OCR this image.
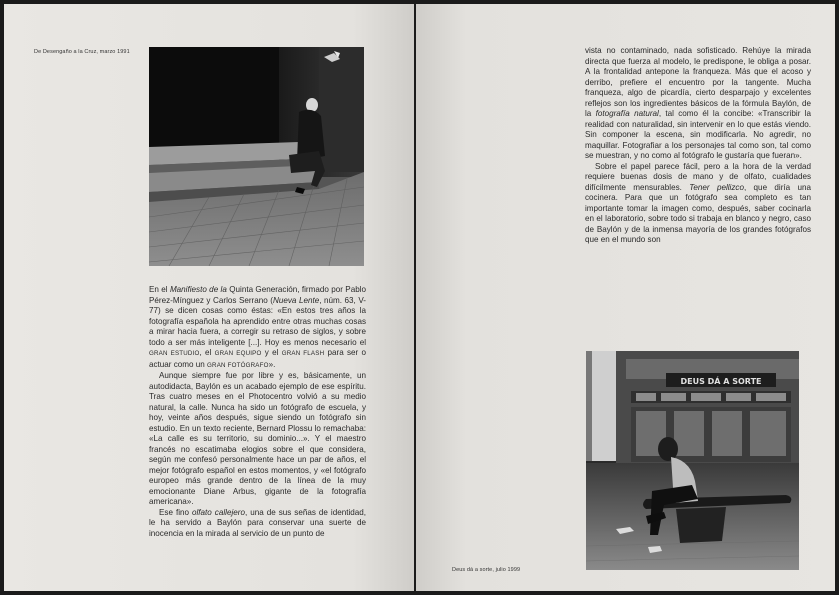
De Desengaño a la Cruz, marzo 1991

En el Manifiesto de la Quinta Generación, firmado por Pablo Pérez-Mínguez y Carlos Serrano (Nueva Lente, núm. 63, V-77) se dicen cosas como éstas: «En estos tres años la fotografía española ha aprendido entre otras muchas cosas a mirar hacia fuera, a corregir su retraso de siglos, y sobre todo a ser más inteligente [...]. Hoy es menos necesario el GRAN ESTUDIO, el GRAN EQUIPO y el GRAN FLASH para ser o actuar como un GRAN FOTÓGRAFO».

Aunque siempre fue por libre y es, básicamente, un autodidacta, Baylón es un acabado ejemplo de ese espíritu. Tras cuatro meses en el Photocentro volvió a su medio natural, la calle. Nunca ha sido un fotógrafo de escuela, y hoy, veinte años después, sigue siendo un fotógrafo sin estudio. En un texto reciente, Bernard Plossu lo remachaba: «La calle es su territorio, su dominio...». Y el maestro francés no escatimaba elogios sobre el que considera, según me confesó personalmente hace un par de años, el mejor fotógrafo español en estos momentos, y «el fotógrafo europeo más grande dentro de la línea de la muy emocionante Diane Arbus, gigante de la fotografía americana».

Ese fino olfato callejero, una de sus señas de identidad, le ha servido a Baylón para conservar una suerte de inocencia en la mirada al servicio de un punto de

vista no contaminado, nada sofisticado. Rehúye la mirada directa que fuerza al modelo, le predispone, le obliga a posar. A la frontalidad antepone la franqueza. Más que el acoso y derribo, prefiere el encuentro por la tangente. Mucha franqueza, algo de picardía, cierto desparpajo y excelentes reflejos son los ingredientes básicos de la fórmula Baylón, de la fotografía natural, tal como él la concibe: «Transcribir la realidad con naturalidad, sin intervenir en lo que estás viendo. Sin componer la escena, sin modificarla. No agredir, no maquillar. Fotografiar a los personajes tal como son, tal como se muestran, y no como al fotógrafo le gustaría que fueran».

Sobre el papel parece fácil, pero a la hora de la verdad requiere buenas dosis de mano y de olfato, cualidades difícilmente mensurables. Tener pellizco, que diría una cocinera. Para que un fotógrafo sea completo es tan importante tomar la imagen como, después, saber cocinarla en el laboratorio, sobre todo si trabaja en blanco y negro, caso de Baylón y de la inmensa mayoría de los grandes fotógrafos que en el mundo son

Deus dá a sorte, julio 1999
DEUS DÁ A SORTE
